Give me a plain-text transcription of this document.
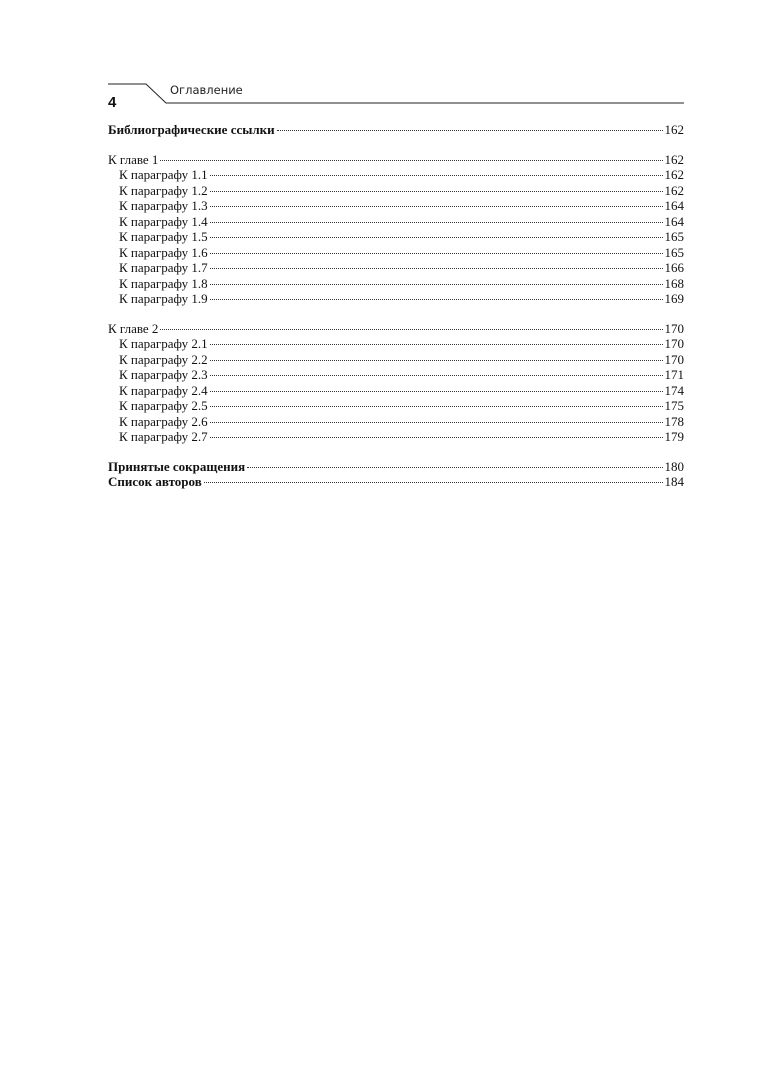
4
Оглавление
Библиографические ссылки	162
К главе 1	162
К параграфу 1.1	162
К параграфу 1.2	162
К параграфу 1.3	164
К параграфу 1.4	164
К параграфу 1.5	165
К параграфу 1.6	165
К параграфу 1.7	166
К параграфу 1.8	168
К параграфу 1.9	169
К главе 2	170
К параграфу 2.1	170
К параграфу 2.2	170
К параграфу 2.3	171
К параграфу 2.4	174
К параграфу 2.5	175
К параграфу 2.6	178
К параграфу 2.7	179
Принятые сокращения	180
Список авторов	184
